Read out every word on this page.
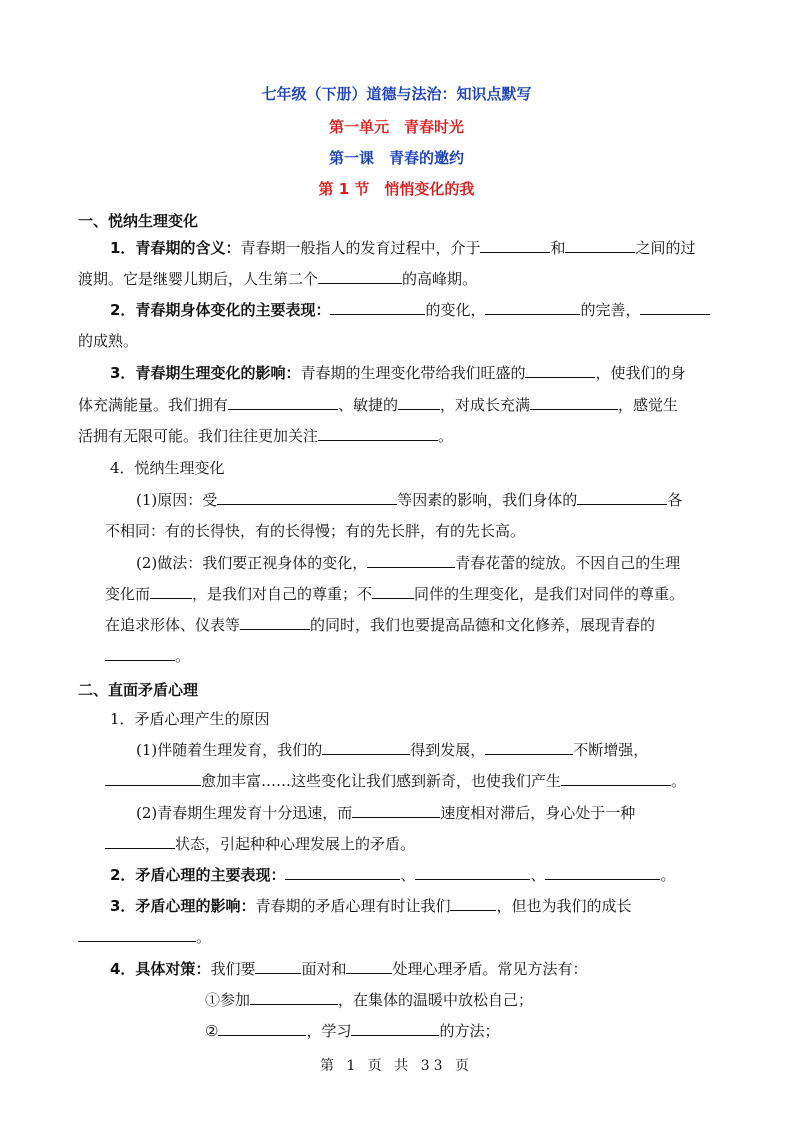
七年级（下册）道德与法治：知识点默写
第一单元　青春时光
第一课　青春的邀约
第 1 节　悄悄变化的我
一、悦纳生理变化
1．青春期的含义：青春期一般指人的发育过程中，介于	和	之间的过
渡期。它是继婴儿期后，人生第二个	的高峰期。
2．青春期身体变化的主要表现：	的变化，	的完善，
的成熟。
3．青春期生理变化的影响：青春期的生理变化带给我们旺盛的	，使我们的身
体充满能量。我们拥有	、敏捷的	，对成长充满	，感觉生
活拥有无限可能。我们往往更加关注	。
4．悦纳生理变化
(1)原因：受	等因素的影响，我们身体的	各
不相同：有的长得快，有的长得慢；有的先长胖，有的先长高。
(2)做法：我们要正视身体的变化，	青春花蕾的绽放。不因自己的生理
变化而	，是我们对自己的尊重；不	同伴的生理变化，是我们对同伴的尊重。
在追求形体、仪表等	的同时，我们也要提高品德和文化修养，展现青春的
。
二、直面矛盾心理
1．矛盾心理产生的原因
(1)伴随着生理发育，我们的	得到发展，	不断增强，
愈加丰富……这些变化让我们感到新奇，也使我们产生	。
(2)青春期生理发育十分迅速，而	速度相对滞后，身心处于一种
状态，引起种种心理发展上的矛盾。
2．矛盾心理的主要表现：	、	、	。
3．矛盾心理的影响：青春期的矛盾心理有时让我们	，但也为我们的成长
。
4．具体对策：我们要	面对和	处理心理矛盾。常见方法有：
①参加	，在集体的温暖中放松自己；
②	，学习	的方法；
第 1 页 共 33 页
